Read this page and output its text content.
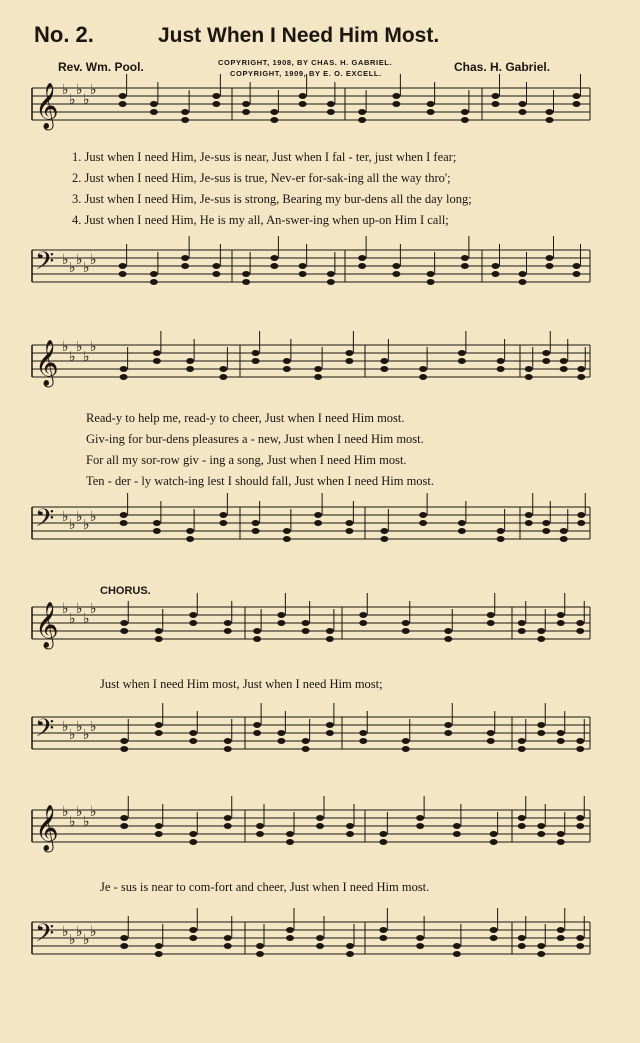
No. 2.	Just When I Need Him Most.
Rev. Wm. Pool.	COPYRIGHT, 1908, BY CHAS. H. GABRIEL.
COPYRIGHT, 1909, BY E. O. EXCELL.	Chas. H. Gabriel.
𝄞 ♭
♭
♭
♭
♭
𝄢 ♭ ♭ ♭ ♭ ♭
𝄞 ♭
♭
♭
♭
♭
𝄢 ♭ ♭ ♭ ♭ ♭
𝄞 ♭
♭
♭
♭
♭
𝄢 ♭ ♭ ♭ ♭ ♭
𝄞 ♭
♭
♭
♭
♭
𝄢 ♭ ♭ ♭ ♭ ♭
1. Just when I need Him, Je-sus is near, Just when I fal - ter, just when I fear;
2. Just when I need Him, Je-sus is true, Nev-er for-sak-ing all the way thro';
3. Just when I need Him, Je-sus is strong, Bearing my bur-dens all the day long;
4. Just when I need Him, He is my all, An-swer-ing when up-on Him I call;
Read-y to help me, read-y to cheer, Just when I need Him most.
Giv-ing for bur-dens pleasures a - new, Just when I need Him most.
For all my sor-row giv - ing a song, Just when I need Him most.
Ten - der - ly watch-ing lest I should fall, Just when I need Him most.
CHORUS.
Just when I need Him most, Just when I need Him most;
Je - sus is near to com-fort and cheer, Just when I need Him most.
